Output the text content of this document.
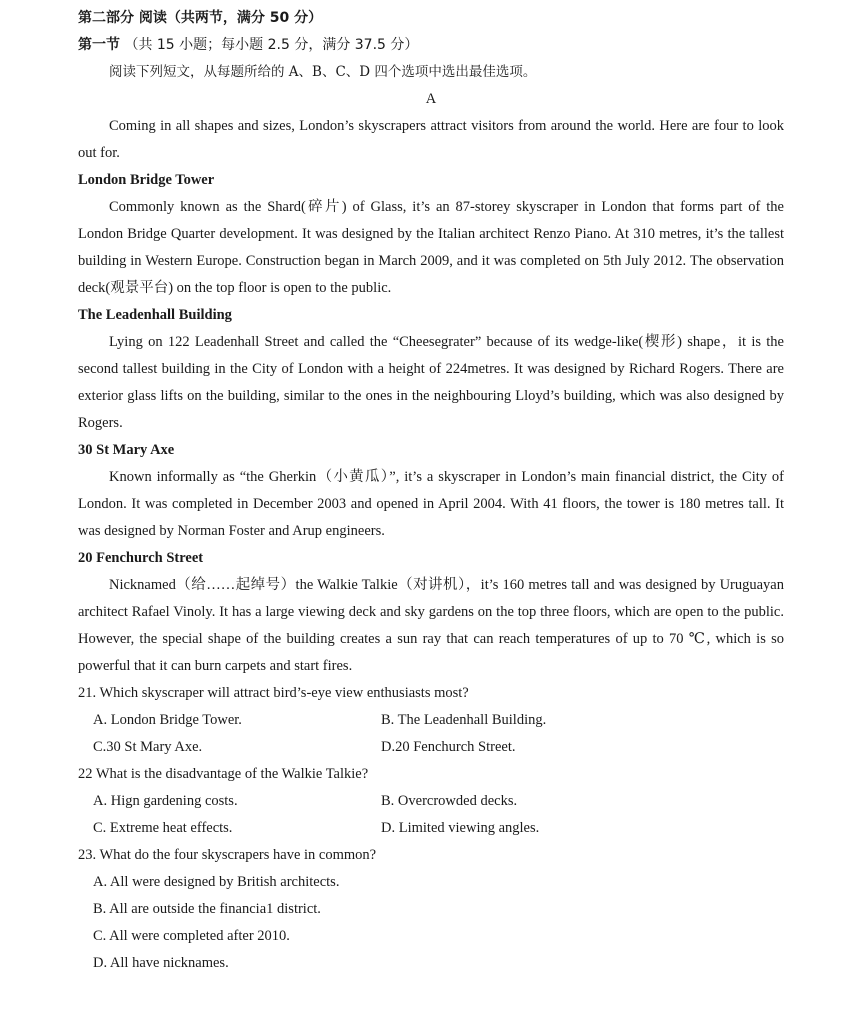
第二部分 阅读（共两节，满分 50 分）
第一节 （共 15 小题；每小题 2.5 分，满分 37.5 分）
阅读下列短文，从每题所给的 A、B、C、D 四个选项中选出最佳选项。
A
Coming in all shapes and sizes, London’s skyscrapers attract visitors from around the world. Here are four to look out for.
London Bridge Tower
Commonly known as the Shard(碎片) of Glass, it’s an 87-storey skyscraper in London that forms part of the London Bridge Quarter development. It was designed by the Italian architect Renzo Piano. At 310 metres, it’s the tallest building in Western Europe. Construction began in March 2009, and it was completed on 5th July 2012. The observation deck(观景平台) on the top floor is open to the public.
The Leadenhall Building
Lying on 122 Leadenhall Street and called the “Cheesegrater” because of its wedge-like(楔形) shape，it is the second tallest building in the City of London with a height of 224metres. It was designed by Richard Rogers. There are exterior glass lifts on the building, similar to the ones in the neighbouring Lloyd’s building, which was also designed by Rogers.
30 St Mary Axe
Known informally as “the Gherkin（小黄瓜）”, it’s a skyscraper in London’s main financial district, the City of London. It was completed in December 2003 and opened in April 2004. With 41 floors, the tower is 180 metres tall. It was designed by Norman Foster and Arup engineers.
20 Fenchurch Street
Nicknamed（给……起绰号）the Walkie Talkie（对讲机），it’s 160 metres tall and was designed by Uruguayan architect Rafael Vinoly. It has a large viewing deck and sky gardens on the top three floors, which are open to the public. However, the special shape of the building creates a sun ray that can reach temperatures of up to 70 ℃, which is so powerful that it can burn carpets and start fires.
21. Which skyscraper will attract bird’s-eye view enthusiasts most?
A. London Bridge Tower.	B. The Leadenhall Building.
C.30 St Mary Axe.	D.20 Fenchurch Street.
22 What is the disadvantage of the Walkie Talkie?
A. Hign gardening costs.	B. Overcrowded decks.
C. Extreme heat effects.	D. Limited viewing angles.
23. What do the four skyscrapers have in common?
A. All were designed by British architects.
B. All are outside the financia1 district.
C. All were completed after 2010.
D. All have nicknames.
